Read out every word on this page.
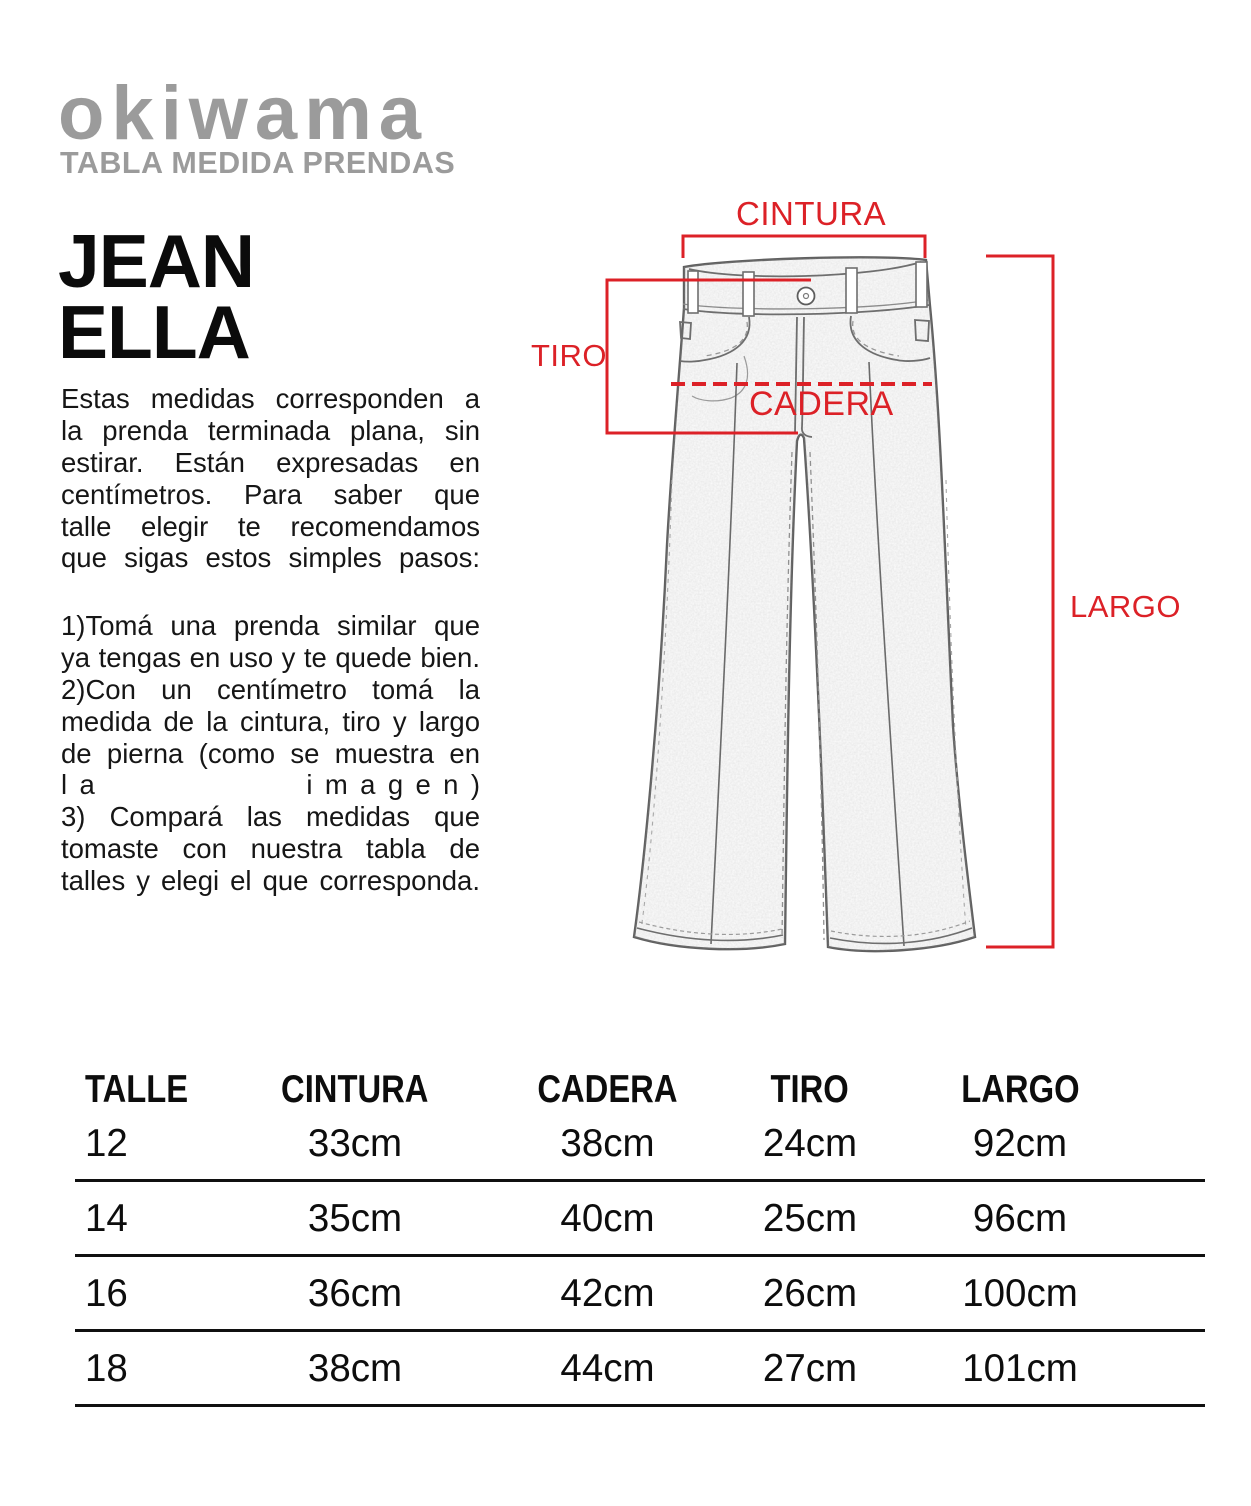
okiwama
TABLA MEDIDA PRENDAS
JEAN
ELLA
Estas medidas corresponden a
la prenda terminada plana, sin
estirar. Están expresadas en
centímetros. Para saber que
talle elegir te recomendamos
que sigas estos simples pasos:
1)Tomá una prenda similar que
ya tengas en uso y te quede bien.
2)Con un centímetro tomá la
medida de la cintura, tiro y largo
de pierna (como se muestra en
la	imagen)
3) Compará las medidas que
tomaste con nuestra tabla de
talles y elegi el que corresponda.
CINTURA
TIRO
CADERA
LARGO
TALLE	CINTURA	CADERA	TIRO	LARGO
12	33cm	38cm	24cm	92cm
14	35cm	40cm	25cm	96cm
16	36cm	42cm	26cm	100cm
18	38cm	44cm	27cm	101cm
